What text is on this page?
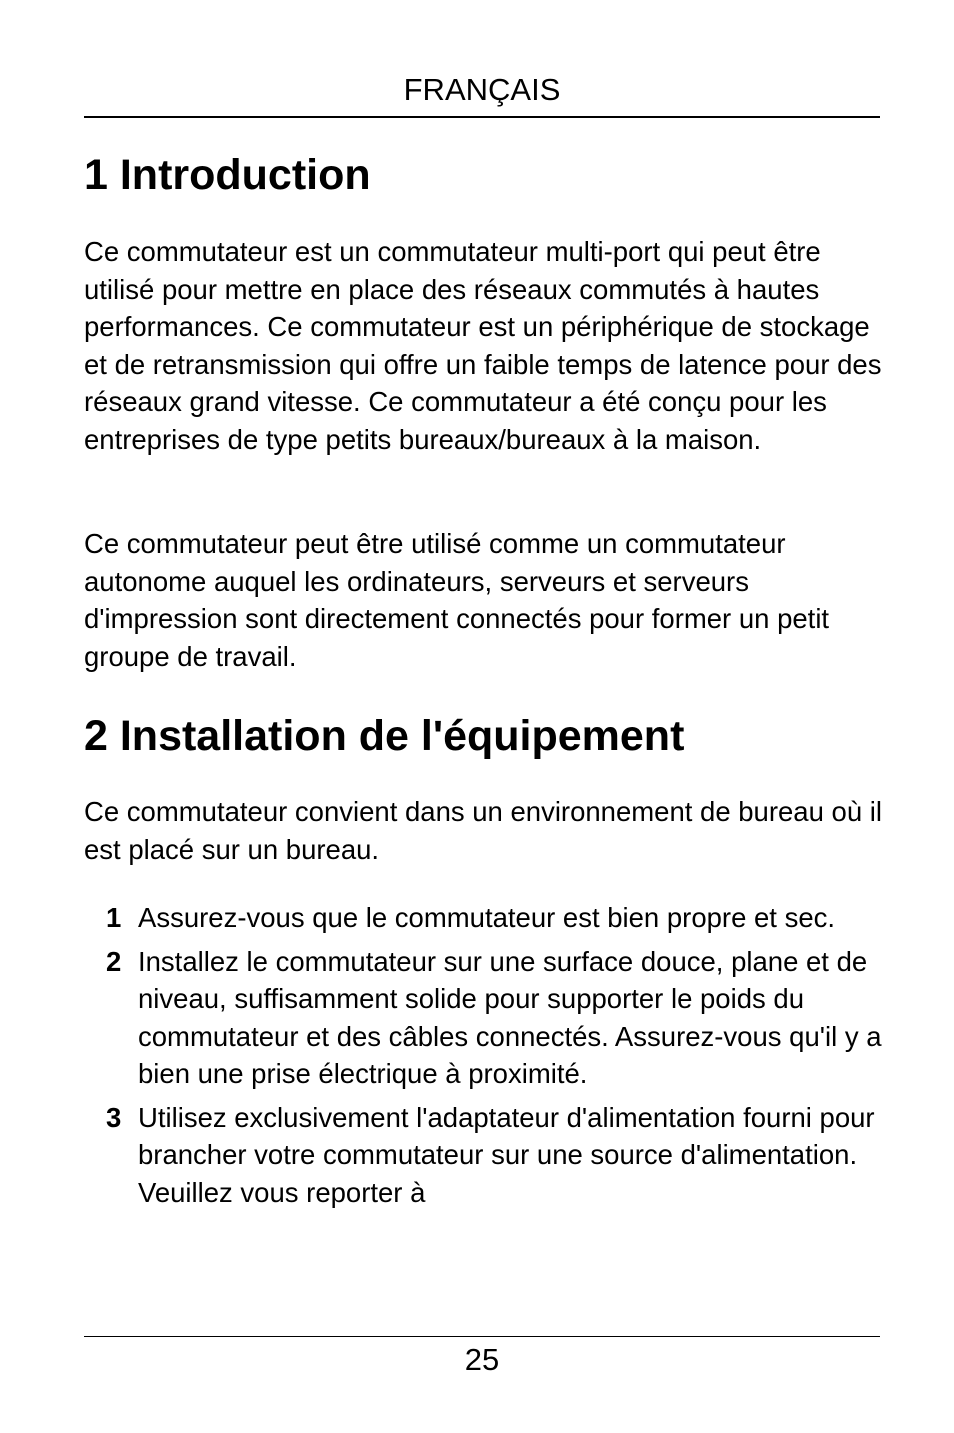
FRANÇAIS
1 Introduction

Ce commutateur est un commutateur multi-port qui peut être utilisé pour mettre en place des réseaux commutés à hautes performances. Ce commutateur est un périphérique de stockage et de retransmission qui offre un faible temps de latence pour des réseaux grand vitesse. Ce commutateur a été conçu pour les entreprises de type petits bureaux/bureaux à la maison.

Ce commutateur peut être utilisé comme un commutateur autonome auquel les ordinateurs, serveurs et serveurs d'impression sont directement connectés pour former un petit groupe de travail.

2 Installation de l'équipement

Ce commutateur convient dans un environnement de bureau où il est placé sur un bureau.

1 Assurez-vous que le commutateur est bien propre et sec.
2 Installez le commutateur sur une surface douce, plane et de niveau, suffisamment solide pour supporter le poids du commutateur et des câbles connectés. Assurez-vous qu'il y a bien une prise électrique à proximité.
3 Utilisez exclusivement l'adaptateur d'alimentation fourni pour brancher votre commutateur sur une source d'alimentation. Veuillez vous reporter à
25
